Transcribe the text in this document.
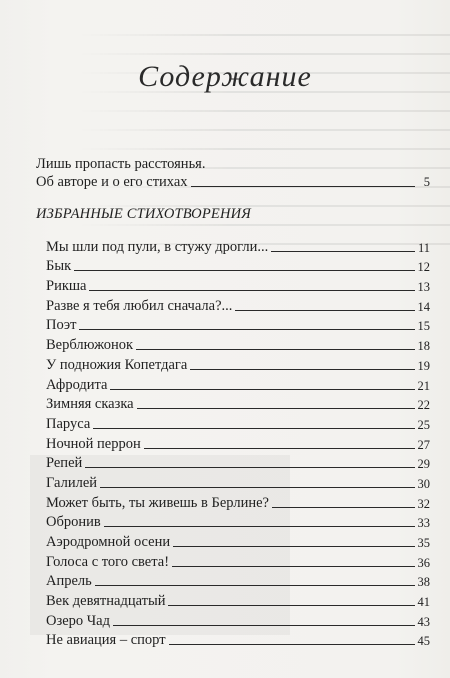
Содержание
Лишь пропасть расстоянья.
Об авторе и о его стихах	5
ИЗБРАННЫЕ СТИХОТВОРЕНИЯ
Мы шли под пули, в стужу дрогли...	11
Бык	12
Рикша	13
Разве я тебя любил сначала?...	14
Поэт	15
Верблюжонок	18
У подножия Копетдага	19
Афродита	21
Зимняя сказка	22
Паруса	25
Ночной перрон	27
Репей	29
Галилей	30
Может быть, ты живешь в Берлине?	32
Обронив	33
Аэродромной осени	35
Голоса с того света!	36
Апрель	38
Век девятнадцатый	41
Озеро Чад	43
Не авиация – спорт	45
